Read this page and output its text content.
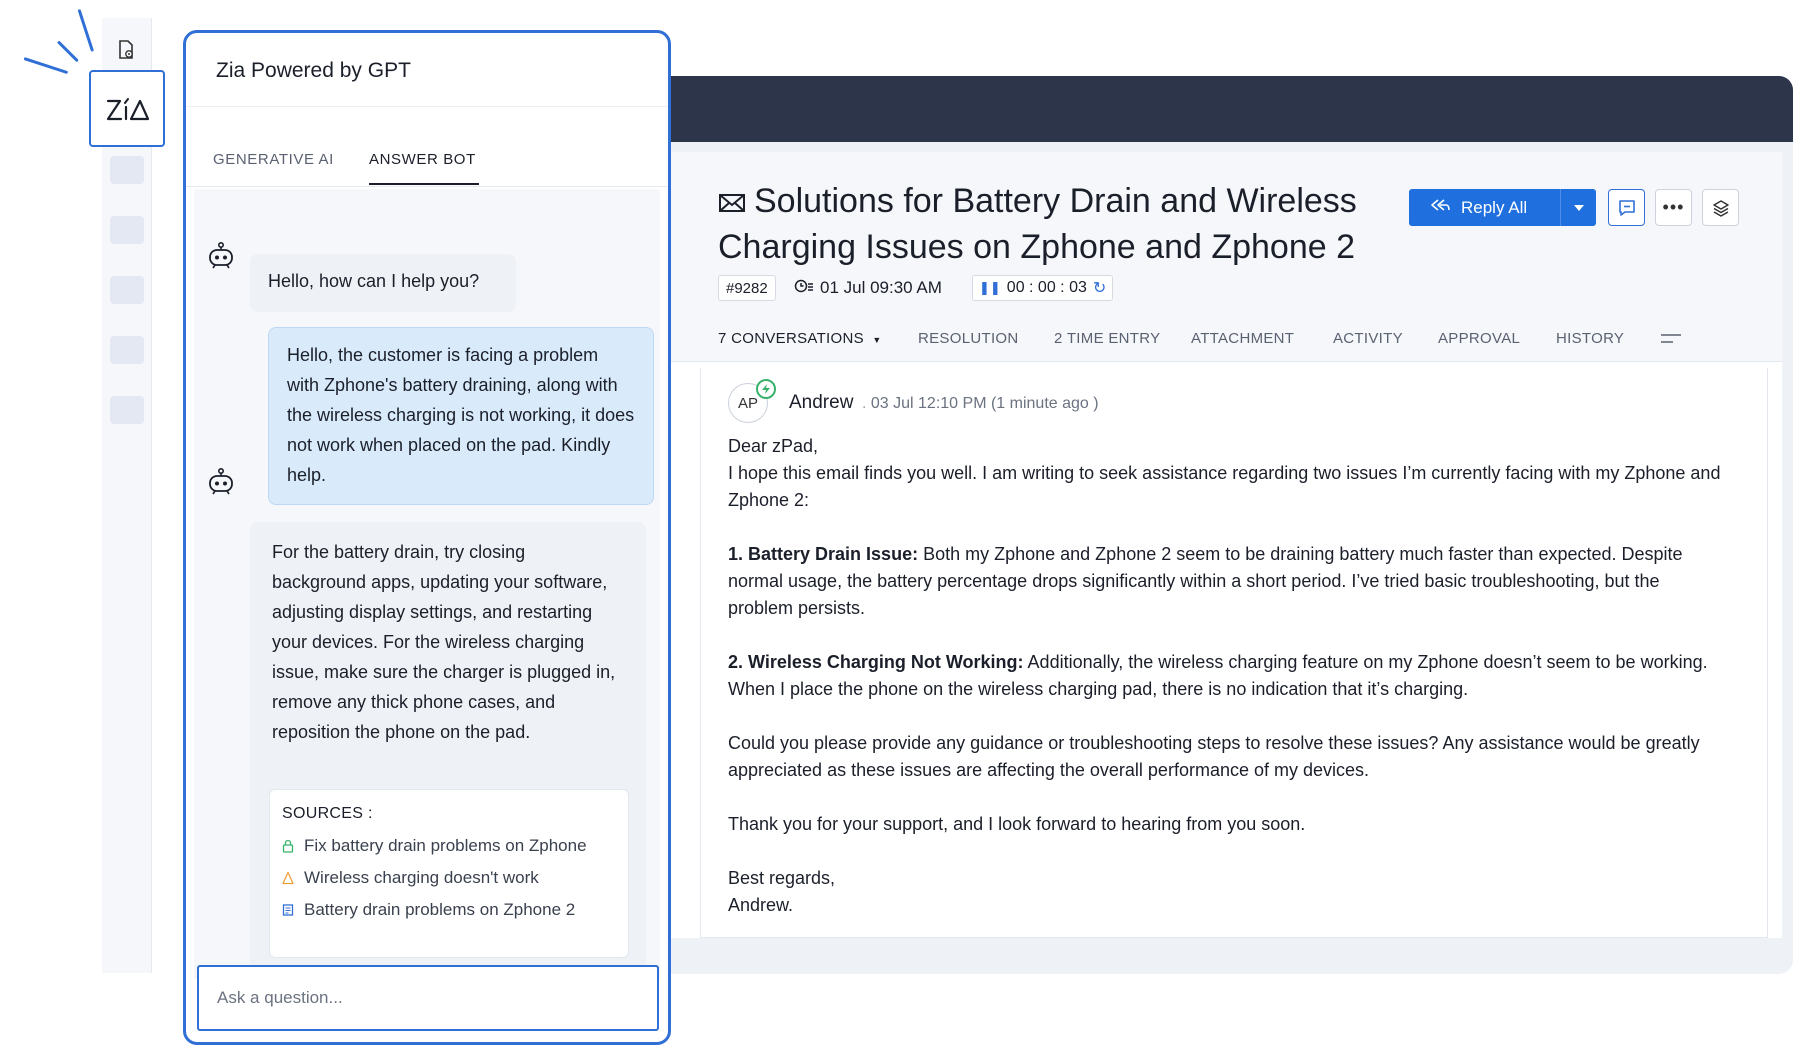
Solutions for Battery Drain and Wireless Charging Issues on Zphone and Zphone 2
#9282	01 Jul 09:30 AM	❚❚ 00 : 00 : 03 ↻
Reply All	•••
7 CONVERSATIONS ▼ RESOLUTION 2 TIME ENTRY ATTACHMENT	ACTIVITY APPROVAL HISTORY
AP	Andrew . 03 Jul 12:10 PM (1 minute ago )
Dear zPad,

I hope this email finds you well. I am writing to seek assistance regarding two issues I’m currently facing with my Zphone and Zphone 2:

1. Battery Drain Issue: Both my Zphone and Zphone 2 seem to be draining battery much faster than expected. Despite normal usage, the battery percentage drops significantly within a short period. I’ve tried basic troubleshooting, but the problem persists.

2. Wireless Charging Not Working: Additionally, the wireless charging feature on my Zphone doesn’t seem to be working. When I place the phone on the wireless charging pad, there is no indication that it’s charging.

Could you please provide any guidance or troubleshooting steps to resolve these issues? Any assistance would be greatly appreciated as these issues are affecting the overall performance of my devices.

Thank you for your support, and I look forward to hearing from you soon.

Best regards,
Andrew.
Zia Powered by GPT
GENERATIVE AI ANSWER BOT
Hello, how can I help you?
Hello, the customer is facing a problem with Zphone's battery draining, along with the wireless charging is not working, it does not work when placed on the pad. Kindly help.
For the battery drain, try closing background apps, updating your software, adjusting display settings, and restarting your devices. For the wireless charging issue, make sure the charger is plugged in, remove any thick phone cases, and reposition the phone on the pad.
SOURCES :
Fix battery drain problems on Zphone
Wireless charging doesn't work
Battery drain problems on Zphone 2
Ask a question...
